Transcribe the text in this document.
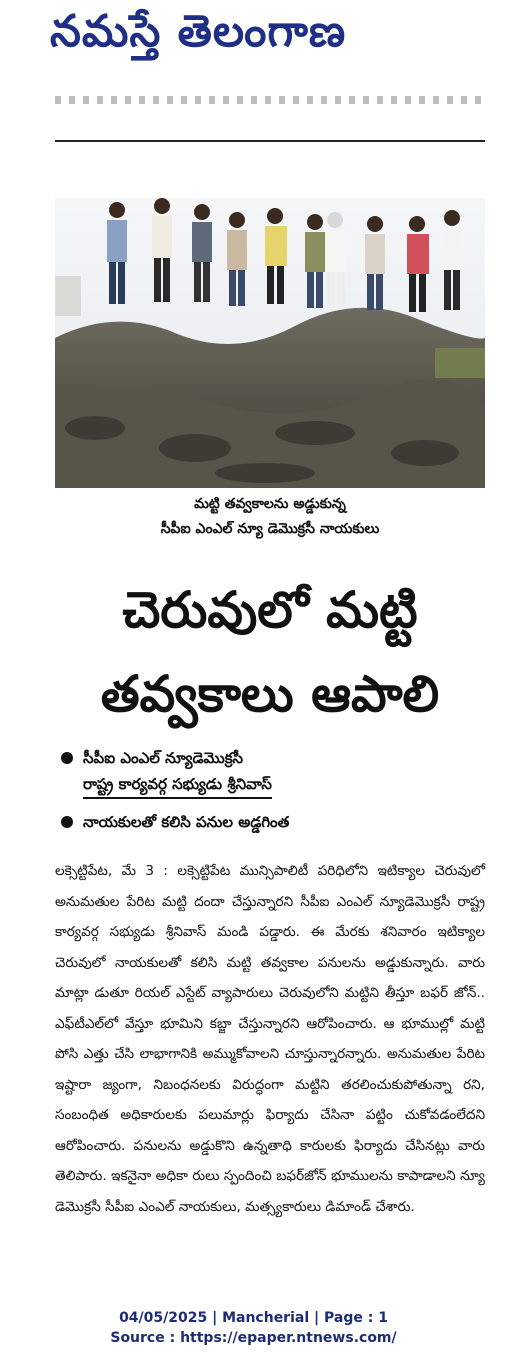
నమస్తే తెలంగాణ
మట్టి తవ్వకాలను అడ్డుకున్న
సీపీఐ ఎంఎల్ న్యూ డెమొక్రసీ నాయకులు
చెరువులో మట్టి
తవ్వకాలు ఆపాలి
సీపీఐ ఎంఎల్ న్యూడెమొక్రసీ
రాష్ట్ర కార్యవర్గ సభ్యుడు శ్రీనివాస్
నాయకులతో కలిసి పనుల అడ్డగింత

లక్సెట్టిపేట, మే 3 : లక్సెట్టిపేట మున్సిపాలిటీ పరిధిలోని ఇటిక్యాల చెరువులో అనుమతుల పేరిట మట్టి దందా చేస్తున్నారని సీపీఐ ఎంఎల్ న్యూడెమొక్రసీ రాష్ట్ర కార్యవర్గ సభ్యుడు శ్రీనివాస్ మండి పడ్డారు. ఈ మేరకు శనివారం ఇటిక్యాల చెరువులో నాయకులతో కలిసి మట్టి తవ్వకాల పనులను అడ్డుకున్నారు. వారు మాట్లా డుతూ రియల్ ఎస్టేట్ వ్యాపారులు చెరువులోని మట్టిని తీస్తూ బఫర్ జోన్.. ఎఫ్‌టీఎల్‌లో వేస్తూ భూమిని కబ్జా చేస్తున్నారని ఆరోపించారు. ఆ భూముల్లో మట్టి పోసి ఎత్తు చేసి లాభాగానికి అమ్ముకోవాలని చూస్తున్నారన్నారు. అనుమతుల పేరిట ఇష్టారా జ్యంగా, నిబంధనలకు విరుద్ధంగా మట్టిని తరలించుకుపోతున్నా రని, సంబంధిత అధికారులకు పలుమార్లు ఫిర్యాదు చేసినా పట్టిం చుకోవడంలేదని ఆరోపించారు. పనులను అడ్డుకొని ఉన్నతాధి కారులకు ఫిర్యాదు చేసినట్లు వారు తెలిపారు. ఇకనైనా అధికా రులు స్పందించి బఫర్‌జోన్ భూములను కాపాడాలని న్యూ డెమొక్రసీ సీపీఐ ఎంఎల్ నాయకులు, మత్స్యకారులు డిమాండ్ చేశారు.

04/05/2025 | Mancherial | Page : 1
Source : https://epaper.ntnews.com/
